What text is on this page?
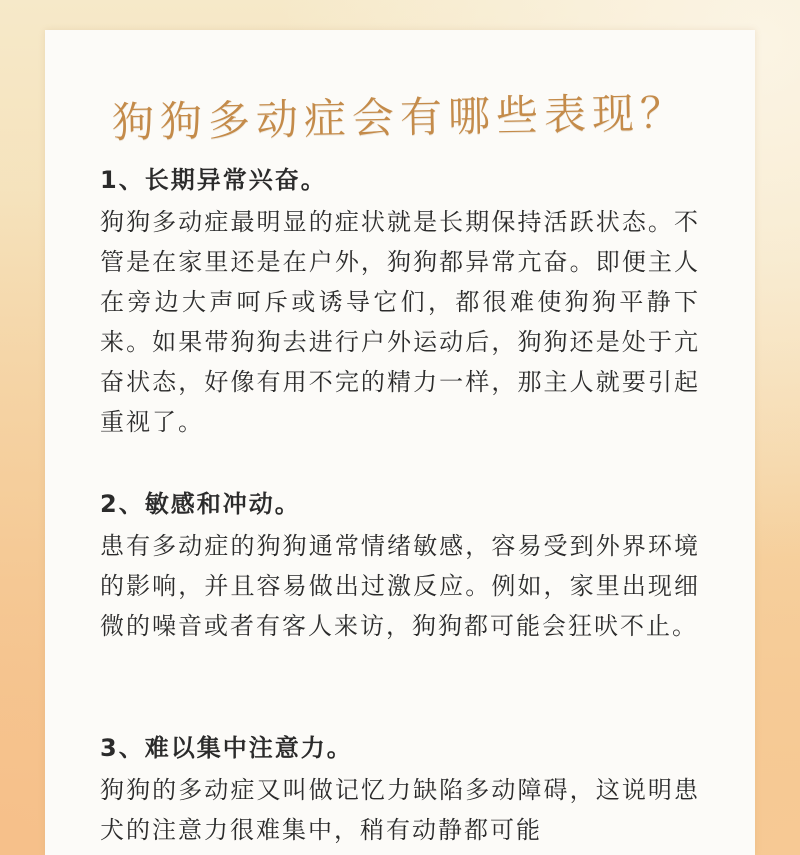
狗狗多动症会有哪些表现？
1、长期异常兴奋。
狗狗多动症最明显的症状就是长期保持活跃状态。不管是在家里还是在户外，狗狗都异常亢奋。即便主人在旁边大声呵斥或诱导它们，都很难使狗狗平静下来。如果带狗狗去进行户外运动后，狗狗还是处于亢奋状态，好像有用不完的精力一样，那主人就要引起重视了。
2、敏感和冲动。
患有多动症的狗狗通常情绪敏感，容易受到外界环境的影响，并且容易做出过激反应。例如，家里出现细微的噪音或者有客人来访，狗狗都可能会狂吠不止。
3、难以集中注意力。
狗狗的多动症又叫做记忆力缺陷多动障碍，这说明患犬的注意力很难集中，稍有动静都可能
